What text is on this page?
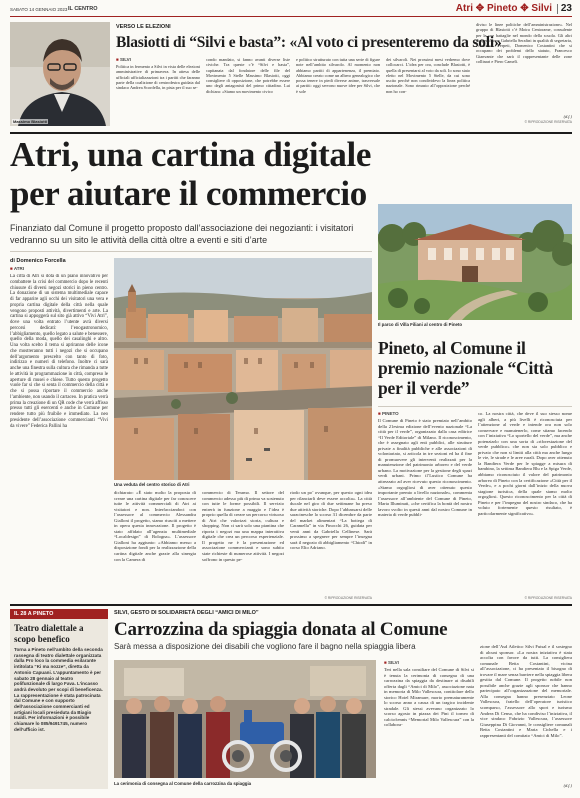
SABATO 14 GENNAIO 2023 IL CENTRO	Atri ✥ Pineto ✥ Silvi 23
Massimo Blasiotti
VERSO LE ELEZIONI
Blasiotti di “Silvi e basta”: «Al voto ci presenteremo da soli»
■ SILVI
Politica in fermento a Silvi in vista delle elezioni amministrative di primavera. In attesa delle ufficiali ufficializzazioni tra i partiti che faranno parte della coalizione di centrodestra guidata dal sindaco Andrea Scordella, in pista per il suo se-
condo mandato, si fanno avanti diverse liste civiche. Tra queste c’è “Silvi e basta”, capitanata dal fondatore delle file del Movimento 5 Stelle Massimo Blasiotti, oggi consigliere di opposizione, che potrebbe essere uno degli antagonisti del primo cittadino. Lui dichiara: «Siamo un movimento civico
e politico strutturato con tutta una serie di figure note nell’ambito silvarolo. Al momento non abbiamo partiti di appartenenza, il premiato. Abbiamo creato come un albero genealogico che possa tenere in piedi diverse anime, trasversale ai partiti: oggi servono nuove idee per Silvi, che è sole
dei silvaroli. Nei prossimi mesi vedremo dove collocarci. L’idea per ora, conclude Blasiotti, è quella di presentarsi al voto da soli. Io sono stato eletto nel Movimento 5 Stelle, da cui sono uscito perché non condividevo la linea politica nazionale. Sono rimasto all’opposizione perché non ho con-
diviso le linee politiche dell’amministrazione». Nel gruppo di Blasiotti c’è Moira Centorame, consulente per le sue battaglie nel mondo della scuola. Gli altri dirigenti sono Gabriella Serafini in qualità di segretaria, Francesca Ferpeti, Domenico Costantini che si occupano dei problemi dello statuto, Francesco Gianvante che sarà il rappresentante delle zone collinari e Piero Camelì.
(d.f.)
© RIPRODUZIONE RISERVATA
Atri, una cartina digitale
per aiutare il commercio
Finanziato dal Comune il progetto proposto dall’associazione dei negozianti: i visitatori vedranno su un sito le attività della città oltre a eventi e siti d’arte
di Domenico Forcella
■ ATRI
La città di Atri si dota di un piano innovativo per combattere la crisi del commercio dopo le recenti chiusure di diversi negozi storici in pieno centro. La donazione di un sistema multimediale capace di far apparire agli occhi dei visitatori una vera e propria cartina digitale della città nella quale vengono proposti attività, divertimenti e arte. La cartina si appoggerà sul sito già attivo “Vivi Atri”, dove una volta entrato l’utente avrà diversi percorsi dedicati: l’enogastronomico, l’abbigliamento, quello legato a salute e benessere, quello della moda, quello dei casalinghi e altro. Una volta scelto il tema si apriranno delle icone che mostreranno tutti i negozi che si occupano dell’argomento prescelto con tanto di foto, indirizzo e numeri di telefono. Inoltre ci sarà anche una finestra sulla cultura che rimanda a tutte le attività in programmazione in città, compreso le aperture di musei e chiese. Tutto questo progetto vuole far sì che si senta il commercio della città e che si possa riportare il commercio anche l’ambiente, non usando il cartaceo. In pratica verrà prima la creazione di un QR code che verrà affisso presso tutti gli esercenti e anche in Comune per rendere tutto più fruibile e immediato. La neo presidente dell’associazione commercianti “Vivi da vivere” Federica Pallini ha
Una veduta del centro storico di Atri
dichiarato: «È stato molto la proposta di creare una cartina digitale per far conoscere tutte le attività commerciali di Atri ai visitatori e non. Interfacciandoci con l’assessore al commercio Alessandra Gialloni il progetto, siamo riusciti a mettere in opera questa innovazione. Il progetto è stato affidato all’agenzia multimediale “Localdesign” di Bologna». L’assessore Gialloni ha aggiunto: «Abbiamo messo a disposizione fondi per la realizzazione della cartina digitale anche grazie alla sinergia con la Camera di
commercio di Teramo. Il settore del commercio adesso più di prima va sostenuto con tutte le forme possibili. Il servizio entrerà in funzione a maggio e l’idea è proprio quella di creare un percorso virtuoso di Atri che valorizzi storia, cultura e shopping. Non ci sarà solo una piantina che riporta i negozi ma una mappa interattiva digitale che crea un percorso esperienziale. Il progetto ne è la presentazione ed associazione commercianti e sono subito state richieste di numerose attività. I negozi soffrono in questo pe-
riodo un po’ ovunque, per questo ogni idea per rilanciarli deve essere accolta». La città ducale nel giro di due settimane ha preso due attività storiche. Dopo l’abbassarsi delle saracinesche lo scorso 31 dicembre da parte del market alimentari “La bottega di Caramella” in via Finocchi 26, guidata per venti anni da Gabriella Cellinese. Sarà prossimo a spegnere per sempre l’insegna sarà il negozio di abbigliamento “Chiodi” in corso Elio Adriano.
© RIPRODUZIONE RISERVATA
Il parco di Villa Filiani al centro di Pineto
Pineto, al Comune il premio nazionale “Città per il verde”
■ PINETO
Il Comune di Pineto è stato premiato nell’ambito della 21esima edizione dell’evento nazionale “La città per il verde”, organizzato dalla casa editrice “Il Verde Editoriale” di Milano. Il riconoscimento, che è assegnato agli enti pubblici, alle strutture private a finalità pubbliche e alle associazioni di volontariato, si articola in tre sezioni ed ha il fine di promuovere gli interventi realizzati per la manutenzione del patrimonio arboreo e del verde urbano. La motivazione per la gestione degli spazi verdi urbani. Primo il’Lustico Comune ha attrezzato ad aver ricevuto questo riconoscimento. «Siamo orgogliosi di aver ottenuto questo importante premio a livello nazionale», commenta l’assessore all’ambiente del Comune di Pineto, Marta Illuminati, «che certifica la bontà del nostro lavoro svolto in questi anni dal nostro Comune in materia di verde pubbli-
co. La nostra città, che deve il suo stesso nome agli alberi, a più livelli è riconosciuta per l’attenzione al verde e intende ora non solo conservare e manutenerlo, come stiamo facendo con l’iniziativa “Lo sportello del verde”, ma anche potenziarlo con una sorta di «riforestazione del verde pubblico» che non sia solo pubblico e privato che non si limiti alla città ma anche lungo le vie, le strade e le aree rurali. Dopo aver ottenuto la Bandiera Verde per le spiagge a misura di bambino, la settima Bandiera Blu e la Spiga Verde, abbiamo riconosciuto il valore del patrimonio arboreo di Pineto con la certificazione «Città per il Verde», e a pochi giorni dall’inizio della nuova stagione turistica, della quale siamo molto orgogliosi. Questo riconoscimento per la città di Pineto e per l’impegno del nostro sindaco, che ha voluto fortemente questo risultato, è particolarmente significativo».
© RIPRODUZIONE RISERVATA
IL 28 A PINETO
Teatro dialettale a scopo benefico
Torna a Pineto nell’ambito della seconda rassegna di teatro dialettale organizzata dalla Pro loco la commedia esilarante intitolata “Ki ma nozze”, diretta da Antonio Capuani. L’appuntamento è per sabato 28 gennaio al teatro polifunzionale di largo Fava. L’incasso andrà devoluto per scopi di beneficenza. La rappresentazione è stata patrocinata dal Comune e con supporto dell’associazione commercianti ed artigiani locali presieduta da Biagio Isaldi. Per informazioni è possibile chiamare lo 085/9491745, numero dell’ufficio ist.
SILVI, GESTO DI SOLIDARIETÀ DEGLI “AMICI DI MILO”
Carrozzina da spiaggia donata al Comune
Sarà messa a disposizione dei disabili che vogliono fare il bagno nella spiaggia libera
La cerimonia di consegna al Comune della carrozzina da spiaggia
■ SILVI
Teri nella sala consiliare del Comune di Silvi si è tenuta la cerimonia di consegna di una carrozzina da spiaggia da destinare ai disabili offerta dagli “Amici di Milo”, associazione nata in memoria di Milo Vallescura, contitolare dello storico Hotel Miramare, morto prematuramente lo scorso anno a causa di un tragico incidente stradale. Gli stessi avevano organizzato lo scorso agosto in piazza dei Pini il torneo di calcio/tennis “Memorial Milo Vallescura” con la collabora-
zione dell’Asd Atletico Silvi Futsal e il sostegno di alcuni sponsor. «La nostra iniziativa è stata accolta con favore da tutti. La consigliera comunale Betta Costantini, vicina all’associazione, ci ha presentato il bisogno di trovare il mare senza barriere nella spiaggia libera gestita dal Comune. Il progetto nobile non possibile anche grazie agli sponsor che hanno partecipato all’organizzazione del memoriale. Alla consegna hanno presenziato Leone Vallescura, fratello dell’operatore turistico scomparso, l’assessore allo sport e turismo Andrea Di Censo, che ha condiviso l’iniziativa, il vice sindaco Fabrizio Vallescura, l’assessore Giuseppina Di Giovanni, le consigliere comunali Betta Costantini e Maria Cichella e i rappresentanti del comitato “Amici di Milo”.
(d.f.)
